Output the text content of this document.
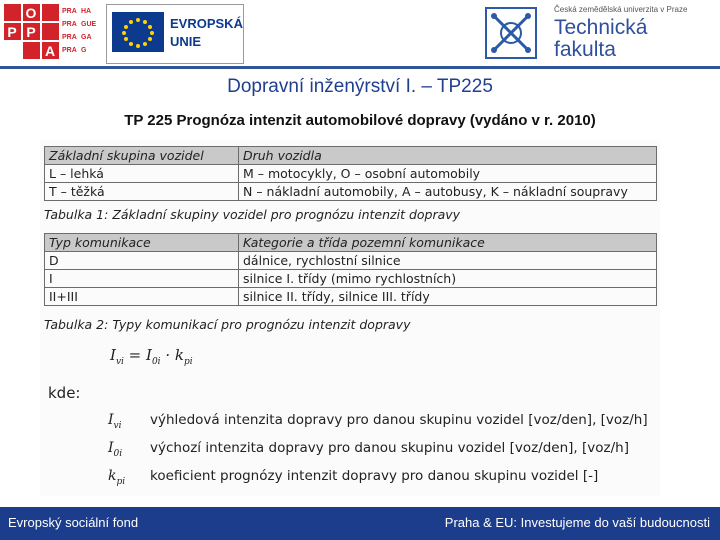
O
P P
A
PRA HA
PRA GUE
PRA GA
PRA G
EVROPSKÁ
UNIE
Česká zemědělská univerzita v Praze
Technická
fakulta
Dopravní inženýrství I. – TP225
TP 225 Prognóza intenzit automobilové dopravy (vydáno v r. 2010)
Základní skupina vozidel	Druh vozidla
L – lehká	M – motocykly, O – osobní automobily
T – těžká	N – nákladní automobily, A – autobusy, K – nákladní soupravy
Tabulka 1: Základní skupiny vozidel pro prognózu intenzit dopravy
Typ komunikace	Kategorie a třída pozemní komunikace
D	dálnice, rychlostní silnice
I	silnice I. třídy (mimo rychlostních)
II+III	silnice II. třídy, silnice III. třídy
Tabulka 2: Typy komunikací pro prognózu intenzit dopravy
$I_{vi} = I_{0i} \cdot k_{pi}$
kde:
$I_{vi}$ výhledová intenzita dopravy pro danou skupinu vozidel [voz/den], [voz/h]
$I_{0i}$ výchozí intenzita dopravy pro danou skupinu vozidel [voz/den], [voz/h]
$k_{pi}$ koeficient prognózy intenzit dopravy pro danou skupinu vozidel [-]
Evropský sociální fond	Praha & EU: Investujeme do vaší budoucnosti
